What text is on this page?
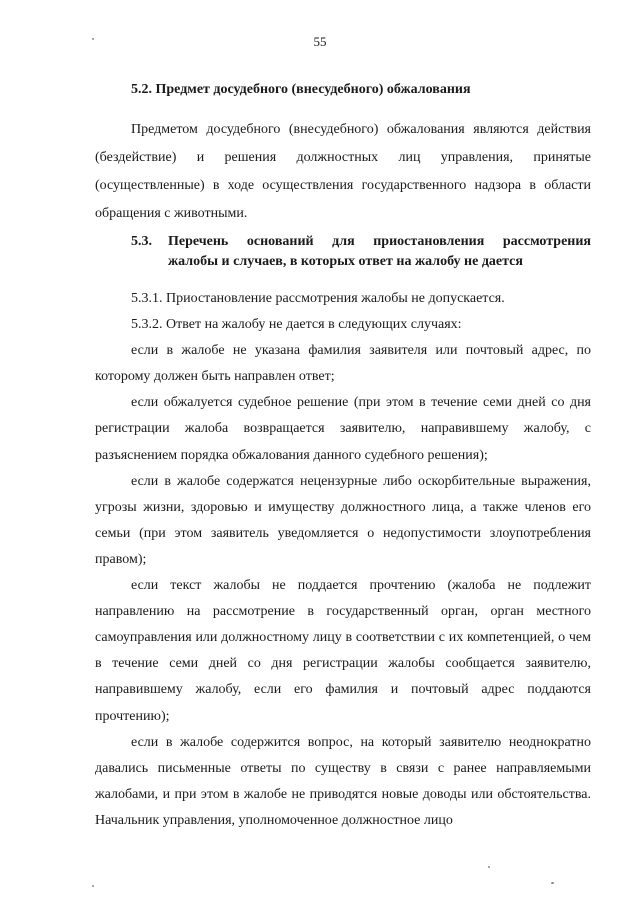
55
5.2. Предмет досудебного (внесудебного) обжалования

Предметом досудебного (внесудебного) обжалования являются действия (бездействие) и решения должностных лиц управления, принятые (осуществленные) в ходе осуществления государственного надзора в области обращения с животными.

5.3. Перечень оснований для приостановления рассмотрения
жалобы и случаев, в которых ответ на жалобу не дается

5.3.1. Приостановление рассмотрения жалобы не допускается.

5.3.2. Ответ на жалобу не дается в следующих случаях:

если в жалобе не указана фамилия заявителя или почтовый адрес, по которому должен быть направлен ответ;

если обжалуется судебное решение (при этом в течение семи дней со дня регистрации жалоба возвращается заявителю, направившему жалобу, с разъяснением порядка обжалования данного судебного решения);

если в жалобе содержатся нецензурные либо оскорбительные выражения, угрозы жизни, здоровью и имуществу должностного лица, а также членов его семьи (при этом заявитель уведомляется о недопустимости злоупотребления правом);

если текст жалобы не поддается прочтению (жалоба не подлежит направлению на рассмотрение в государственный орган, орган местного самоуправления или должностному лицу в соответствии с их компетенцией, о чем в течение семи дней со дня регистрации жалобы сообщается заявителю, направившему жалобу, если его фамилия и почтовый адрес поддаются прочтению);

если в жалобе содержится вопрос, на который заявителю неоднократно давались письменные ответы по существу в связи с ранее направляемыми жалобами, и при этом в жалобе не приводятся новые доводы или обстоятельства. Начальник управления, уполномоченное должностное лицо
